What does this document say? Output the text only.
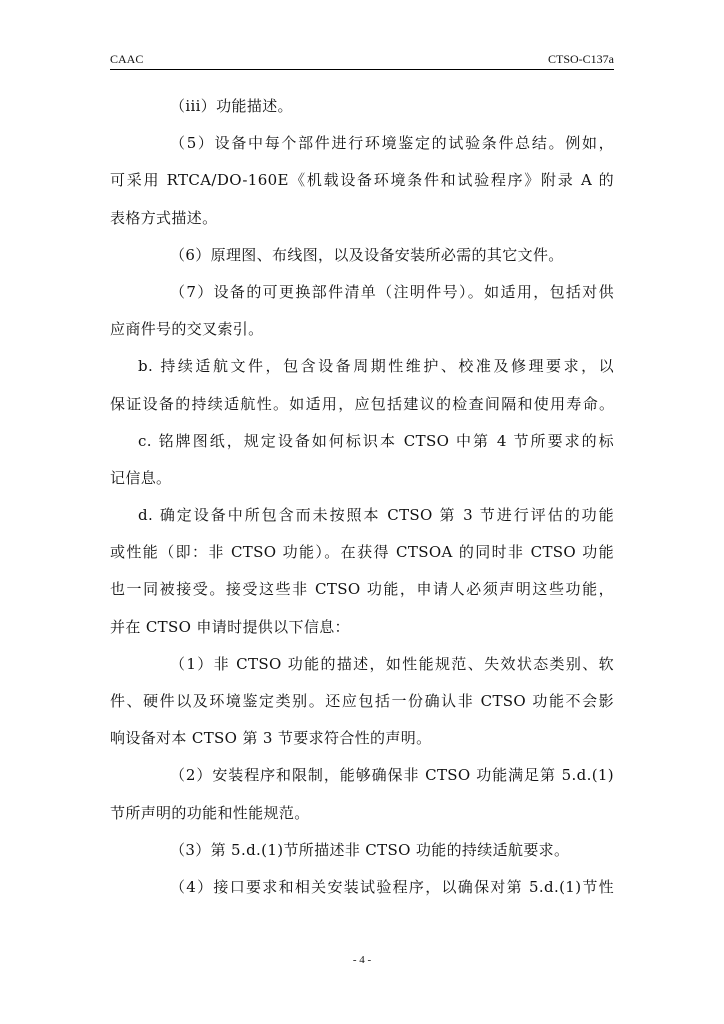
CAAC	CTSO-C137a
（iii）功能描述。
（5）设备中每个部件进行环境鉴定的试验条件总结。例如，
可采用 RTCA/DO-160E《机载设备环境条件和试验程序》附录 A 的
表格方式描述。
（6）原理图、布线图，以及设备安装所必需的其它文件。
（7）设备的可更换部件清单（注明件号）。如适用，包括对供
应商件号的交叉索引。
b. 持续适航文件，包含设备周期性维护、校准及修理要求，以
保证设备的持续适航性。如适用，应包括建议的检查间隔和使用寿命。
c. 铭牌图纸，规定设备如何标识本 CTSO 中第 4 节所要求的标
记信息。
d. 确定设备中所包含而未按照本 CTSO 第 3 节进行评估的功能
或性能（即：非 CTSO 功能）。在获得 CTSOA 的同时非 CTSO 功能
也一同被接受。接受这些非 CTSO 功能，申请人必须声明这些功能，
并在 CTSO 申请时提供以下信息：
（1）非 CTSO 功能的描述，如性能规范、失效状态类别、软
件、硬件以及环境鉴定类别。还应包括一份确认非 CTSO 功能不会影
响设备对本 CTSO 第 3 节要求符合性的声明。
（2）安装程序和限制，能够确保非 CTSO 功能满足第 5.d.(1)
节所声明的功能和性能规范。
（3）第 5.d.(1)节所描述非 CTSO 功能的持续适航要求。
（4）接口要求和相关安装试验程序，以确保对第 5.d.(1)节性
- 4 -
